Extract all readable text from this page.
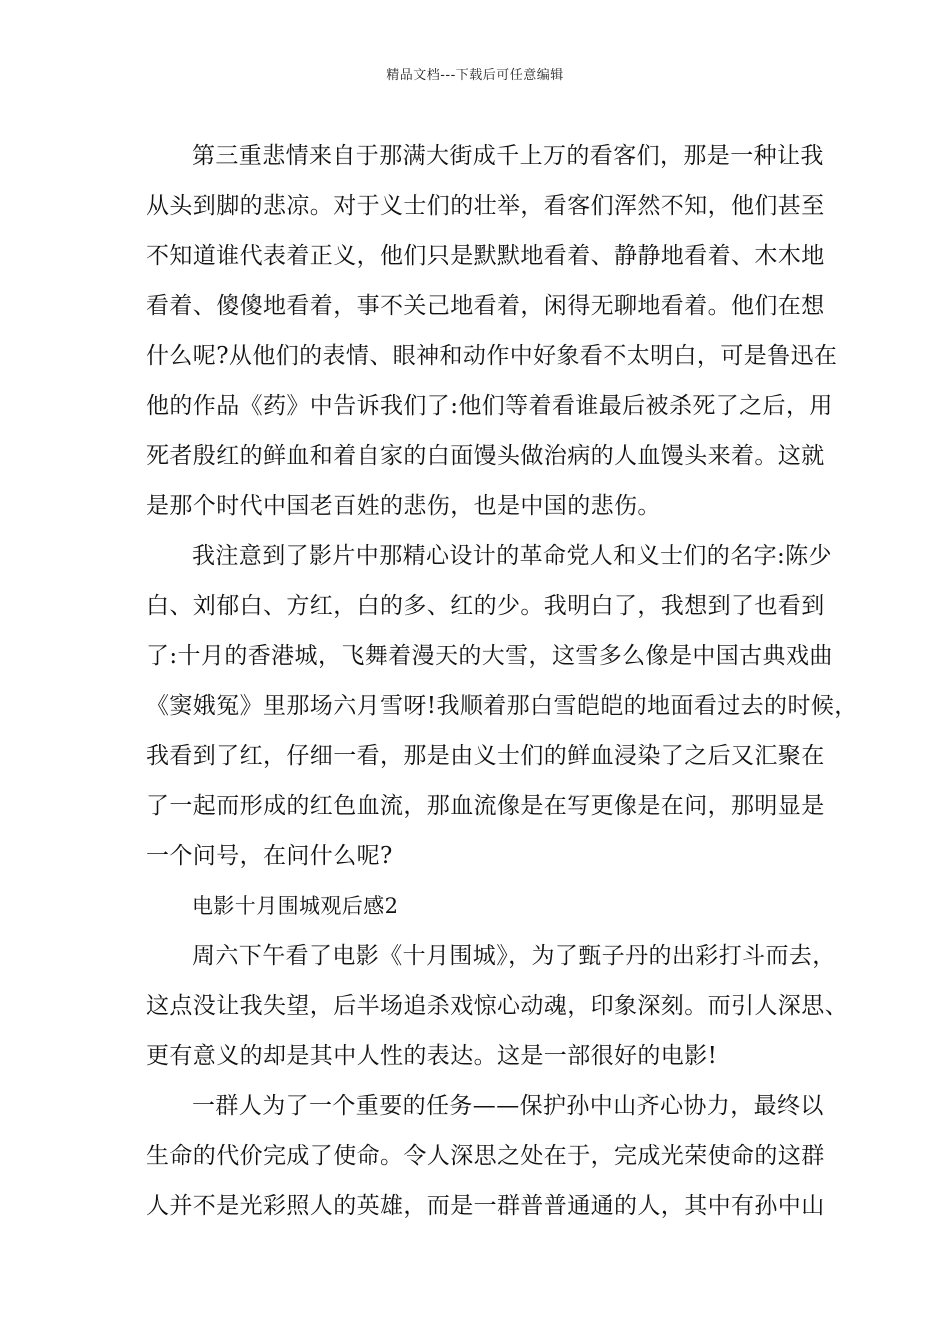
精品文档---下载后可任意编辑
第三重悲情来自于那满大街成千上万的看客们，那是一种让我
从头到脚的悲凉。对于义士们的壮举，看客们浑然不知，他们甚至
不知道谁代表着正义，他们只是默默地看着、静静地看着、木木地
看着、傻傻地看着，事不关己地看着，闲得无聊地看着。他们在想
什么呢?从他们的表情、眼神和动作中好象看不太明白，可是鲁迅在
他的作品《药》中告诉我们了:他们等着看谁最后被杀死了之后，用
死者殷红的鲜血和着自家的白面馒头做治病的人血馒头来着。这就
是那个时代中国老百姓的悲伤，也是中国的悲伤。
我注意到了影片中那精心设计的革命党人和义士们的名字:陈少
白、刘郁白、方红，白的多、红的少。我明白了，我想到了也看到
了:十月的香港城，飞舞着漫天的大雪，这雪多么像是中国古典戏曲
《窦娥冤》里那场六月雪呀!我顺着那白雪皑皑的地面看过去的时候，
我看到了红，仔细一看，那是由义士们的鲜血浸染了之后又汇聚在
了一起而形成的红色血流，那血流像是在写更像是在问，那明显是
一个问号，在问什么呢?
电影十月围城观后感2
周六下午看了电影《十月围城》，为了甄子丹的出彩打斗而去，
这点没让我失望，后半场追杀戏惊心动魂，印象深刻。而引人深思、
更有意义的却是其中人性的表达。这是一部很好的电影!
一群人为了一个重要的任务——保护孙中山齐心协力，最终以
生命的代价完成了使命。令人深思之处在于，完成光荣使命的这群
人并不是光彩照人的英雄，而是一群普普通通的人，其中有孙中山
